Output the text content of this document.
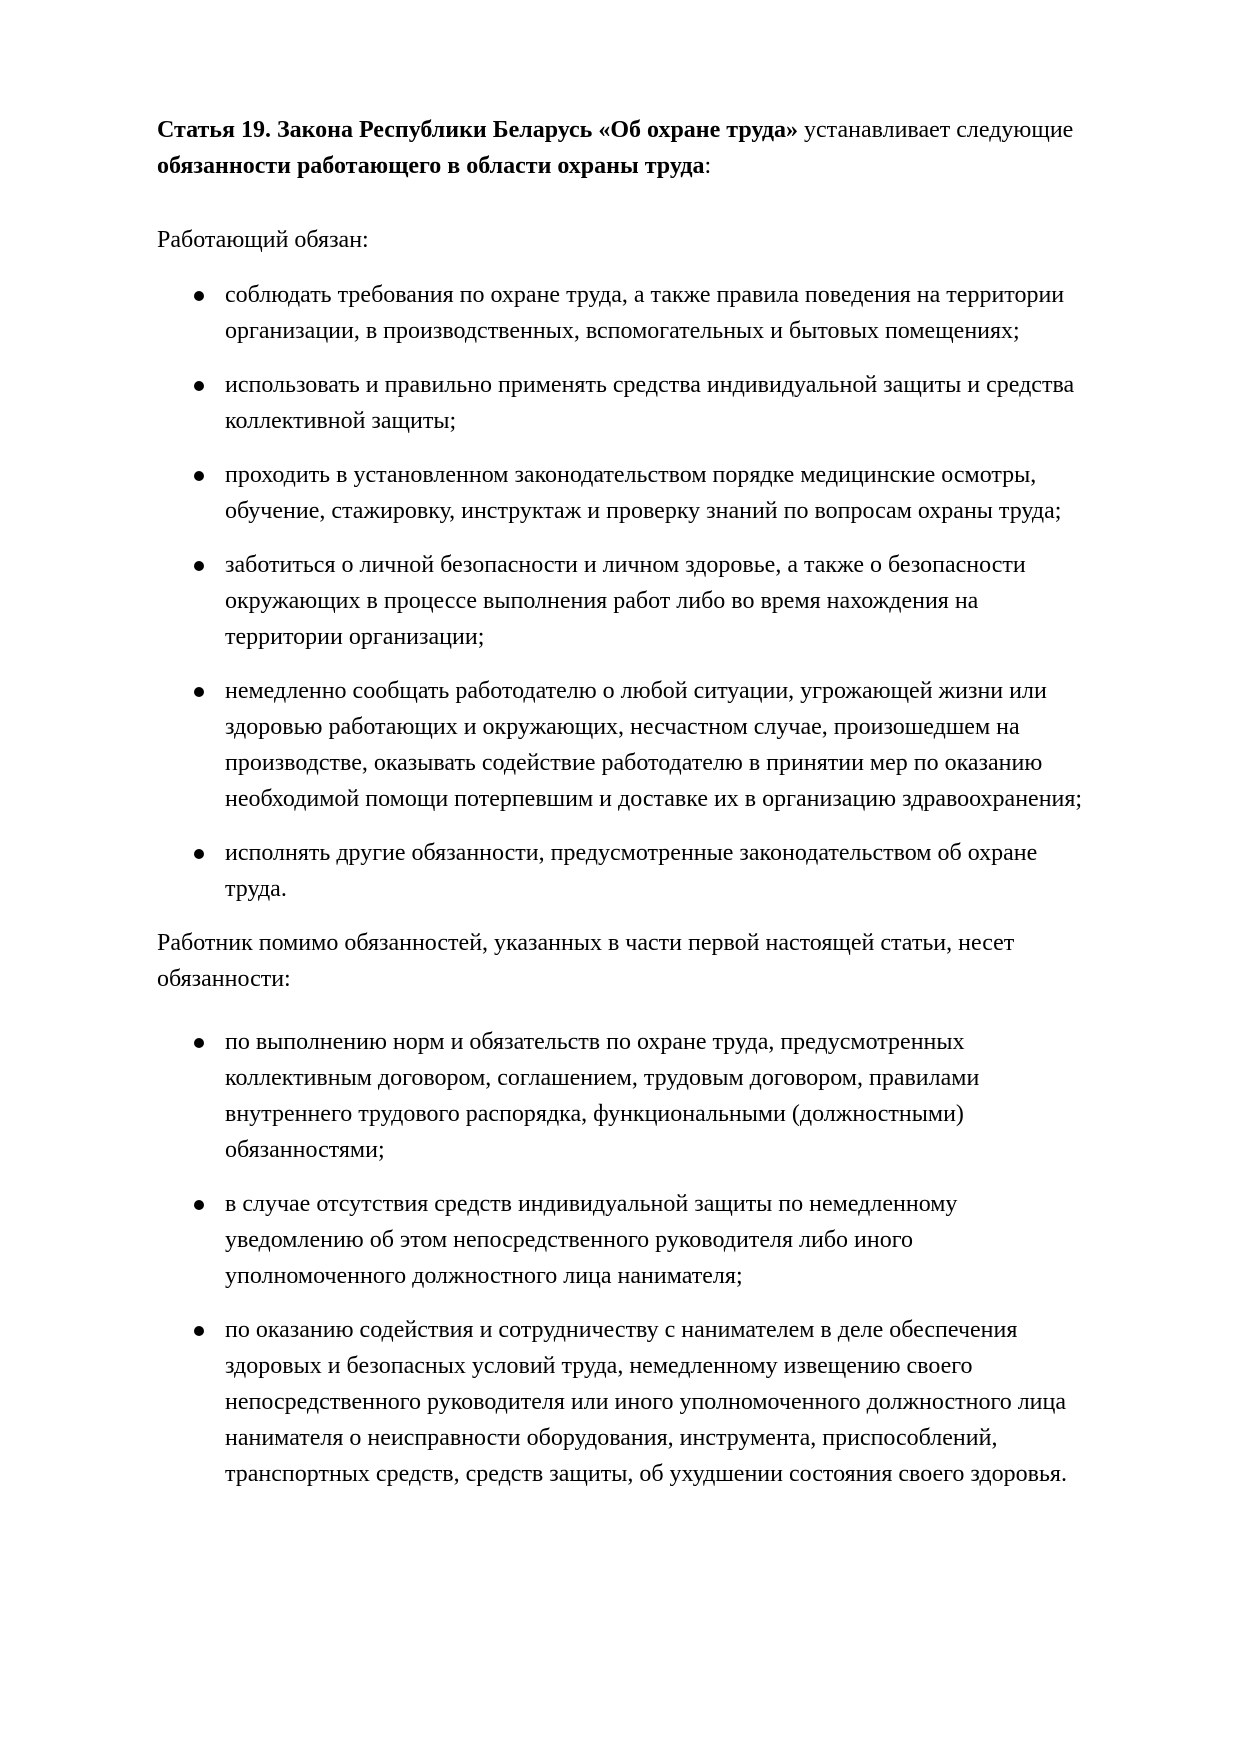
Статья 19. Закона Республики Беларусь «Об охране труда» устанавливает следующие обязанности работающего в области охраны труда:

Работающий обязан:

соблюдать требования по охране труда, а также правила поведения на территории организации, в производственных, вспомогательных и бытовых помещениях;
использовать и правильно применять средства индивидуальной защиты и средства коллективной защиты;
проходить в установленном законодательством порядке медицинские осмотры, обучение, стажировку, инструктаж и проверку знаний по вопросам охраны труда;
заботиться о личной безопасности и личном здоровье, а также о безопасности окружающих в процессе выполнения работ либо во время нахождения на территории организации;
немедленно сообщать работодателю о любой ситуации, угрожающей жизни или здоровью работающих и окружающих, несчастном случае, произошедшем на производстве, оказывать содействие работодателю в принятии мер по оказанию необходимой помощи потерпевшим и доставке их в организацию здравоохранения;
исполнять другие обязанности, предусмотренные законодательством об охране труда.

Работник помимо обязанностей, указанных в части первой настоящей статьи, несет обязанности:

по выполнению норм и обязательств по охране труда, предусмотренных коллективным договором, соглашением, трудовым договором, правилами внутреннего трудового распорядка, функциональными (должностными) обязанностями;
в случае отсутствия средств индивидуальной защиты по немедленному уведомлению об этом непосредственного руководителя либо иного уполномоченного должностного лица нанимателя;
по оказанию содействия и сотрудничеству с нанимателем в деле обеспечения здоровых и безопасных условий труда, немедленному извещению своего непосредственного руководителя или иного уполномоченного должностного лица нанимателя о неисправности оборудования, инструмента, приспособлений, транспортных средств, средств защиты, об ухудшении состояния своего здоровья.
